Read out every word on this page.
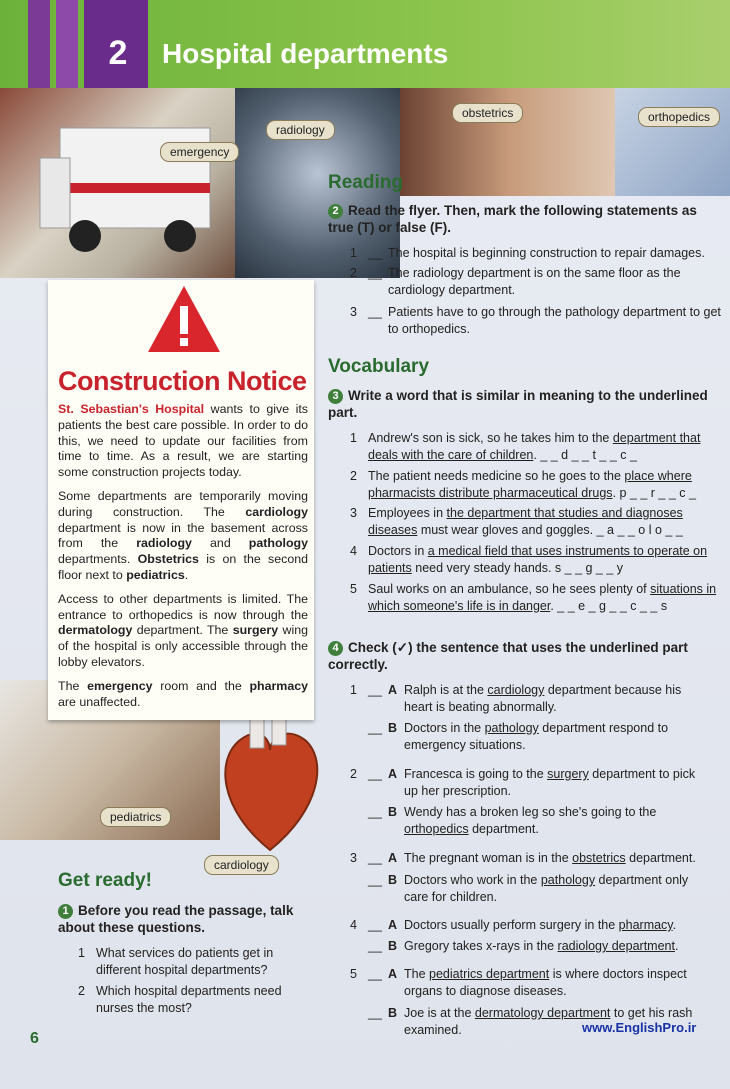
2	Hospital departments
emergency
radiology
obstetrics	orthopedics
pediatrics
cardiology
Construction Notice

St. Sebastian's Hospital wants to give its patients the best care possible. In order to do this, we need to update our facilities from time to time. As a result, we are starting some construction projects today.

Some departments are temporarily moving during construction. The cardiology department is now in the basement across from the radiology and pathology departments. Obstetrics is on the second floor next to pediatrics.

Access to other departments is limited. The entrance to orthopedics is now through the dermatology department. The surgery wing of the hospital is only accessible through the lobby elevators.

The emergency room and the pharmacy are unaffected.

Reading
2 Read the flyer. Then, mark the following statements as true (T) or false (F).
1 __ The hospital is beginning construction to repair damages.
2 __ The radiology department is on the same floor as the cardiology department.
3 __ Patients have to go through the pathology department to get to orthopedics.
Vocabulary
3 Write a word that is similar in meaning to the underlined part.
1 Andrew's son is sick, so he takes him to the department that deals with the care of children. _ _ d _ _ t _ _ c _
2 The patient needs medicine so he goes to the place where pharmacists distribute pharmaceutical drugs. p _ _ r _ _ c _
3 Employees in the department that studies and diagnoses diseases must wear gloves and goggles. _ a _ _ o l o _ _
4 Doctors in a medical field that uses instruments to operate on patients need very steady hands. s _ _ g _ _ y
5 Saul works on an ambulance, so he sees plenty of situations in which someone's life is in danger. _ _ e _ g _ _ c _ _ s
4 Check (✓) the sentence that uses the underlined part correctly.
1 __ A Ralph is at the cardiology department because his heart is beating abnormally.
__ B Doctors in the pathology department respond to emergency situations.
2 __ A Francesca is going to the surgery department to pick up her prescription.
__ B Wendy has a broken leg so she's going to the orthopedics department.
3 __ A The pregnant woman is in the obstetrics department.
__ B Doctors who work in the pathology department only care for children.
4 __ A Doctors usually perform surgery in the pharmacy.
__ B Gregory takes x-rays in the radiology department.
5 __ A The pediatrics department is where doctors inspect organs to diagnose diseases.
__ B Joe is at the dermatology department to get his rash examined.
Get ready!
1 Before you read the passage, talk about these questions.
1 What services do patients get in different hospital departments?
2 Which hospital departments need nurses the most?
6
www.EnglishPro.ir
